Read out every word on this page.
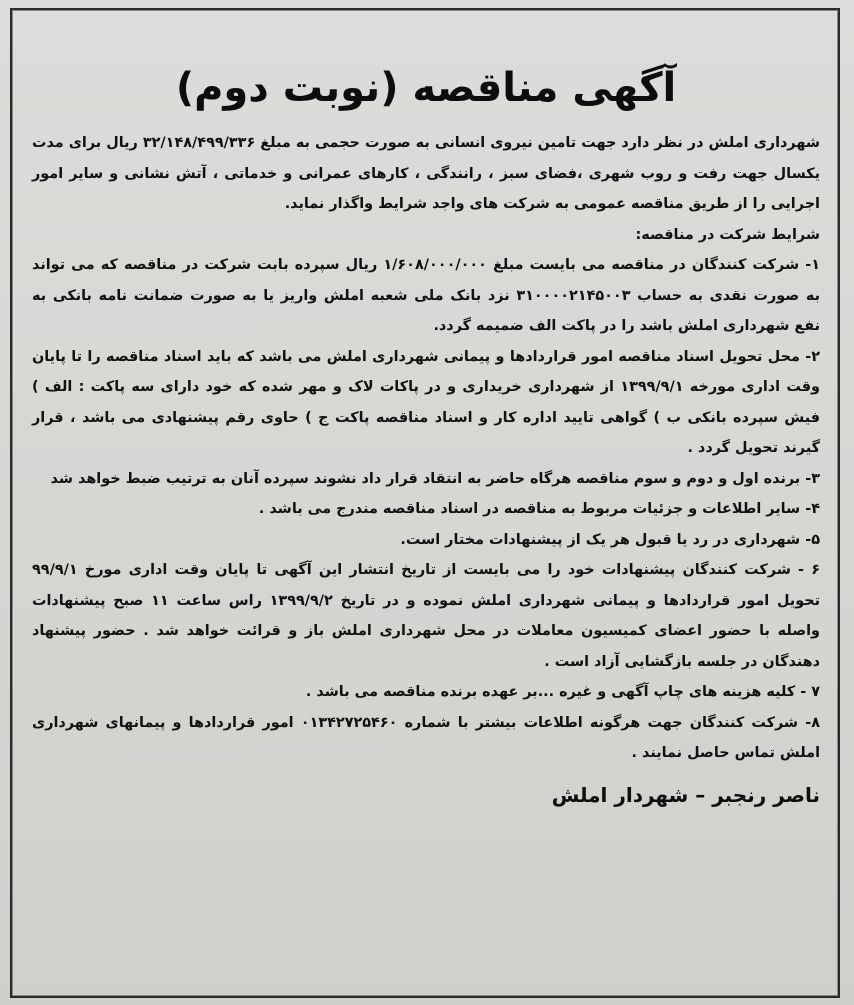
آگهی مناقصه (نوبت دوم)

شهرداری املش در نظر دارد جهت تامین نیروی انسانی به صورت حجمی به مبلغ ۳۲/۱۴۸/۴۹۹/۳۳۶ ریال برای مدت یکسال جهت رفت و روب شهری ،فضای سبز ، رانندگی ، کارهای عمرانی و خدماتی ، آتش نشانی و سایر امور اجرایی را از طریق مناقصه عمومی به شرکت های واجد شرایط واگذار نماید.

شرایط شرکت در مناقصه:

۱- شرکت کنندگان در مناقصه می بایست مبلغ ۱/۶۰۸/۰۰۰/۰۰۰ ریال سپرده بابت شرکت در مناقصه که می تواند به صورت نقدی به حساب ۳۱۰۰۰۰۲۱۴۵۰۰۳ نزد بانک ملی شعبه املش واریز یا به صورت ضمانت نامه بانکی به نفع شهرداری املش باشد را در پاکت الف ضمیمه گردد.

۲- محل تحویل اسناد مناقصه امور قراردادها و پیمانی شهرداری املش می باشد که باید اسناد مناقصه را تا پایان وقت اداری مورخه ۱۳۹۹/۹/۱ از شهرداری خریداری و در پاکات لاک و مهر شده که خود دارای سه پاکت : الف ) فیش سپرده بانکی ب ) گواهی تایید اداره کار و اسناد مناقصه پاکت ج ) حاوی رقم پیشنهادی می باشد ، قرار گیرند تحویل گردد .

۳- برنده اول و دوم و سوم مناقصه هرگاه حاضر به انتقاد قرار داد نشوند سپرده آنان به ترتیب ضبط خواهد شد

۴- سایر اطلاعات و جزئیات مربوط به مناقصه در اسناد مناقصه مندرج می باشد .

۵- شهرداری در رد یا قبول هر یک از پیشنهادات مختار است.

۶ - شرکت کنندگان پیشنهادات خود را می بایست از تاریخ انتشار این آگهی تا پایان وقت اداری مورخ ۹۹/۹/۱ تحویل امور قراردادها و پیمانی شهرداری املش نموده و در تاریخ ۱۳۹۹/۹/۲ راس ساعت ۱۱ صبح پیشنهادات واصله با حضور اعضای کمیسیون معاملات در محل شهرداری املش باز و قرائت خواهد شد . حضور پیشنهاد دهندگان در جلسه بازگشایی آزاد است .

۷ - کلیه هزینه های چاپ آگهی و غیره ...بر عهده برنده مناقصه می باشد .

۸- شرکت کنندگان جهت هرگونه اطلاعات بیشتر با شماره ۰۱۳۴۲۷۲۵۴۶۰ امور قراردادها و پیمانهای شهرداری املش تماس حاصل نمایند .

ناصر رنجبر – شهردار املش
